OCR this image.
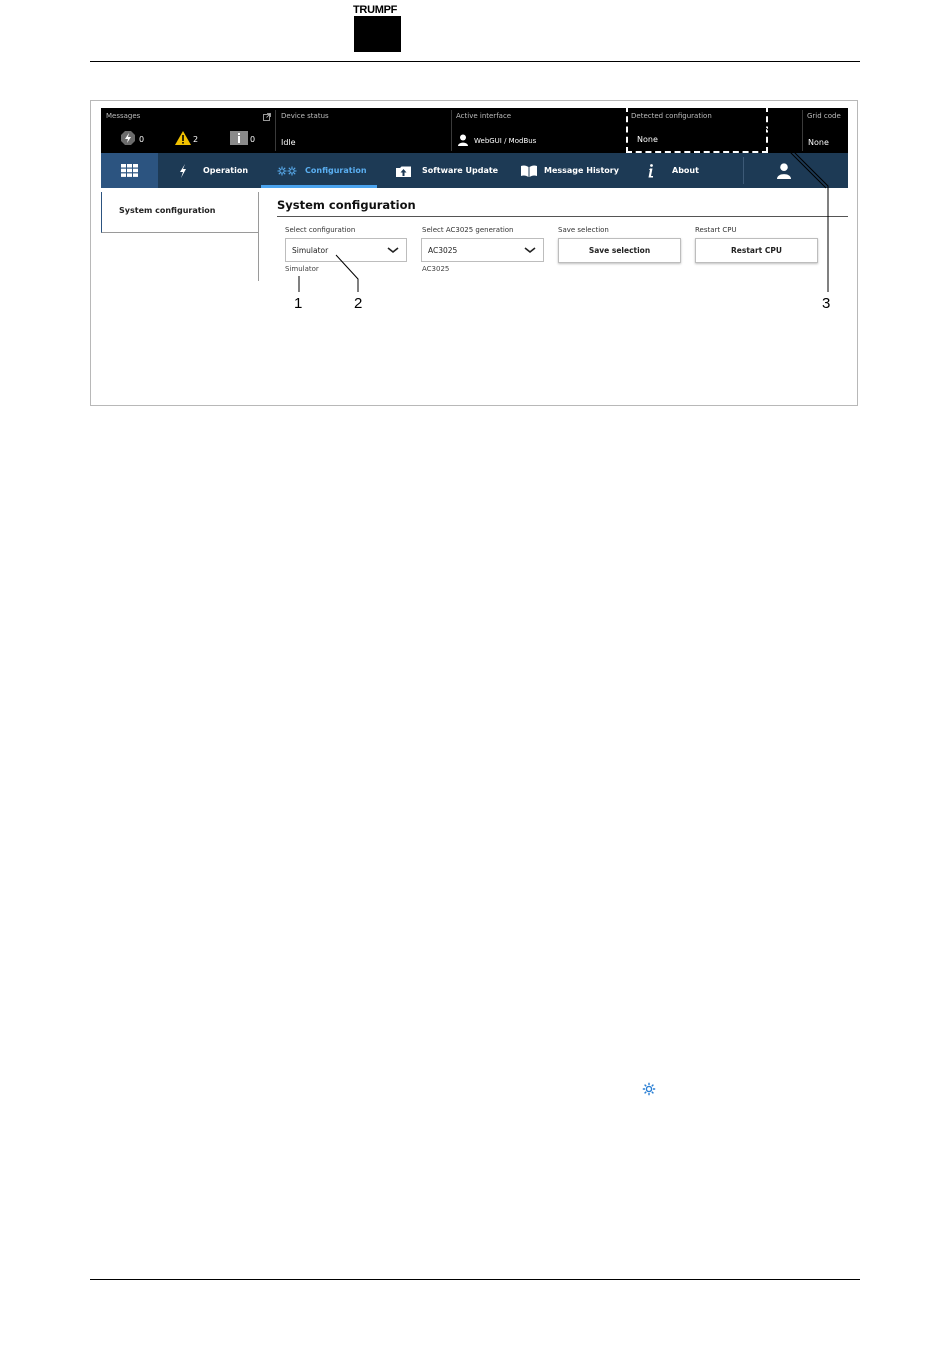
TRUMPF
Messages
0	2	0
Device status
Idle
Active interface
WebGUI / ModBus
Grid code
None
Detected configuration
None
Operation	Configuration	Software Update	Message History	About
System configuration	System configuration
Select configuration
Simulator
Simulator
Select AC3025 generation
AC3025
AC3025
Save selection
Save selection
Restart CPU
Restart CPU
1	2	3
